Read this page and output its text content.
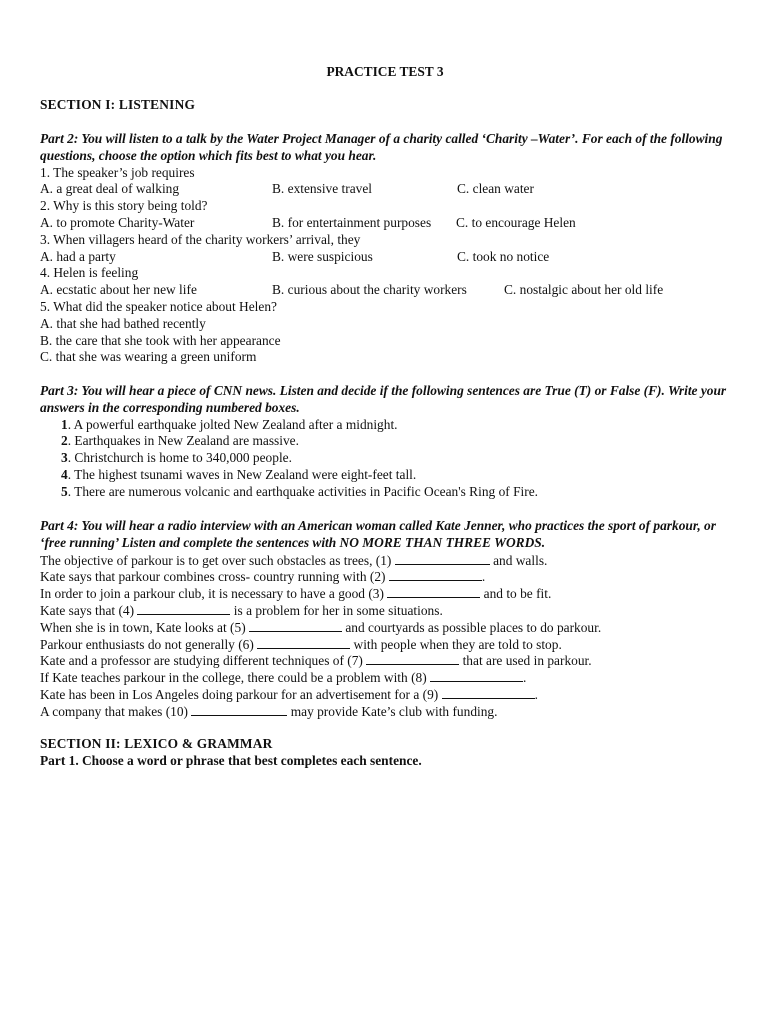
PRACTICE TEST 3
SECTION I: LISTENING
Part 2: You will listen to a talk by the Water Project Manager of a charity called ‘Charity –Water’. For each of the following questions, choose the option which fits best to what you hear.
1. The speaker’s job requires
A. a great deal of walking	B. extensive travel	C. clean water
2. Why is this story being told?
A. to promote Charity-Water	B. for entertainment purposes C. to encourage Helen
3. When villagers heard of the charity workers’ arrival, they
A. had a party	B. were suspicious	C. took no notice
4. Helen is feeling
A. ecstatic about her new life	B. curious about the charity workers	C. nostalgic about her old life
5. What did the speaker notice about Helen?
A. that she had bathed recently
B. the care that she took with her appearance
C. that she was wearing a green uniform
Part 3: You will hear a piece of CNN news. Listen and decide if the following sentences are True (T) or False (F). Write your answers in the corresponding numbered boxes.
1. A powerful earthquake jolted New Zealand after a midnight.
2. Earthquakes in New Zealand are massive.
3. Christchurch is home to 340,000 people.
4. The highest tsunami waves in New Zealand were eight-feet tall.
5. There are numerous volcanic and earthquake activities in Pacific Ocean's Ring of Fire.
Part 4: You will hear a radio interview with an American woman called Kate Jenner, who practices the sport of parkour, or ‘free running’ Listen and complete the sentences with NO MORE THAN THREE WORDS.
The objective of parkour is to get over such obstacles as trees, (1)	and walls.
Kate says that parkour combines cross- country running with (2)	.
In order to join a parkour club, it is necessary to have a good (3)	and to be fit.
Kate says that (4)	is a problem for her in some situations.
When she is in town, Kate looks at (5)	and courtyards as possible places to do parkour.
Parkour enthusiasts do not generally (6)	with people when they are told to stop.
Kate and a professor are studying different techniques of (7)	that are used in parkour.
If Kate teaches parkour in the college, there could be a problem with (8)	.
Kate has been in Los Angeles doing parkour for an advertisement for a (9)	.
A company that makes (10)	may provide Kate’s club with funding.
SECTION II: LEXICO & GRAMMAR
Part 1. Choose a word or phrase that best completes each sentence.
